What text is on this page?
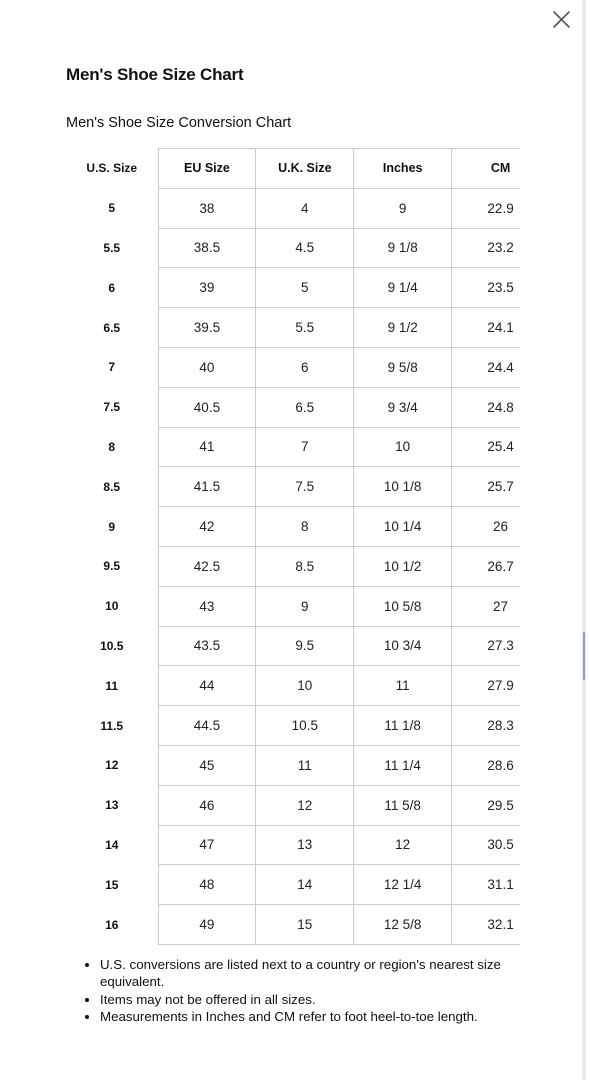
Men's Shoe Size Chart
Men's Shoe Size Conversion Chart
U.S. Size	EU Size	U.K. Size	Inches	CM
5	38	4	9	22.9
5.5	38.5	4.5	9 1/8	23.2
6	39	5	9 1/4	23.5
6.5	39.5	5.5	9 1/2	24.1
7	40	6	9 5/8	24.4
7.5	40.5	6.5	9 3/4	24.8
8	41	7	10	25.4
8.5	41.5	7.5	10 1/8	25.7
9	42	8	10 1/4	26
9.5	42.5	8.5	10 1/2	26.7
10	43	9	10 5/8	27
10.5	43.5	9.5	10 3/4	27.3
11	44	10	11	27.9
11.5	44.5	10.5	11 1/8	28.3
12	45	11	11 1/4	28.6
13	46	12	11 5/8	29.5
14	47	13	12	30.5
15	48	14	12 1/4	31.1
16	49	15	12 5/8	32.1
• U.S. conversions are listed next to a country or region's nearest size equivalent.
• Items may not be offered in all sizes.
• Measurements in Inches and CM refer to foot heel-to-toe length.
